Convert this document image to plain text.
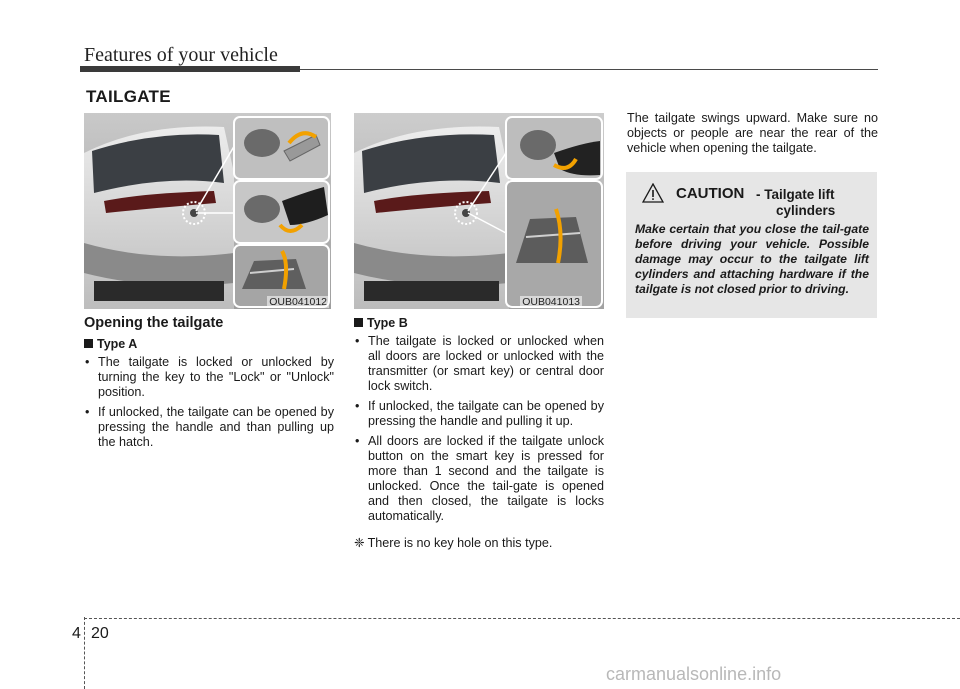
Features of your vehicle
TAILGATE
OUB041012	OUB041013
Opening the tailgate
Type A
• The tailgate is locked or unlocked by turning the key to the "Lock" or "Unlock" position.
• If unlocked, the tailgate can be opened by pressing the handle and than pulling up the hatch.
Type B
• The tailgate is locked or unlocked when all doors are locked or unlocked with the transmitter (or smart key) or central door lock switch.
• If unlocked, the tailgate can be opened by pressing the handle and pulling it up.
• All doors are locked if the tailgate unlock button on the smart key is pressed for more than 1 second and the tailgate is unlocked. Once the tail-gate is opened and then closed, the tailgate is locks automatically.
❈ There is no key hole on this type.

The tailgate swings upward. Make sure no objects or people are near the rear of the vehicle when opening the tailgate.

CAUTION - Tailgate lift
cylinders
Make certain that you close the tail-gate before driving your vehicle. Possible damage may occur to the tailgate lift cylinders and attaching hardware if the tailgate is not closed prior to driving.
4 20
carmanualsonline.info
